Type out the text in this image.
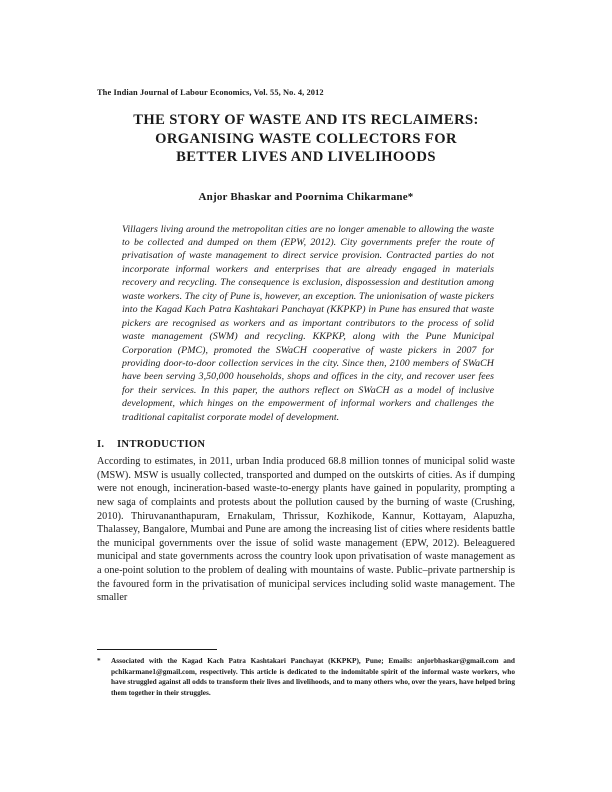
The Indian Journal of Labour Economics, Vol. 55, No. 4, 2012
THE STORY OF WASTE AND ITS RECLAIMERS:
ORGANISING WASTE COLLECTORS FOR
BETTER LIVES AND LIVELIHOODS
Anjor Bhaskar and Poornima Chikarmane*
Villagers living around the metropolitan cities are no longer amenable to allowing the waste to be collected and dumped on them (EPW, 2012). City governments prefer the route of privatisation of waste management to direct service provision. Contracted parties do not incorporate informal workers and enterprises that are already engaged in materials recovery and recycling. The consequence is exclusion, dispossession and destitution among waste workers. The city of Pune is, however, an exception. The unionisation of waste pickers into the Kagad Kach Patra Kashtakari Panchayat (KKPKP) in Pune has ensured that waste pickers are recognised as workers and as important contributors to the process of solid waste management (SWM) and recycling. KKPKP, along with the Pune Municipal Corporation (PMC), promoted the SWaCH cooperative of waste pickers in 2007 for providing door-to-door collection services in the city. Since then, 2100 members of SWaCH have been serving 3,50,000 households, shops and offices in the city, and recover user fees for their services. In this paper, the authors reflect on SWaCH as a model of inclusive development, which hinges on the empowerment of informal workers and challenges the traditional capitalist corporate model of development.
I. INTRODUCTION
According to estimates, in 2011, urban India produced 68.8 million tonnes of municipal solid waste (MSW). MSW is usually collected, transported and dumped on the outskirts of cities. As if dumping were not enough, incineration-based waste-to-energy plants have gained in popularity, prompting a new saga of complaints and protests about the pollution caused by the burning of waste (Crushing, 2010). Thiruvananthapuram, Ernakulam, Thrissur, Kozhikode, Kannur, Kottayam, Alapuzha, Thalassey, Bangalore, Mumbai and Pune are among the increasing list of cities where residents battle the municipal governments over the issue of solid waste management (EPW, 2012). Beleaguered municipal and state governments across the country look upon privatisation of waste management as a one-point solution to the problem of dealing with mountains of waste. Public–private partnership is the favoured form in the privatisation of municipal services including solid waste management. The smaller
* Associated with the Kagad Kach Patra Kashtakari Panchayat (KKPKP), Pune; Emails: anjorbhaskar@gmail.com and pchikarmane1@gmail.com, respectively. This article is dedicated to the indomitable spirit of the informal waste workers, who have struggled against all odds to transform their lives and livelihoods, and to many others who, over the years, have helped bring them together in their struggles.
